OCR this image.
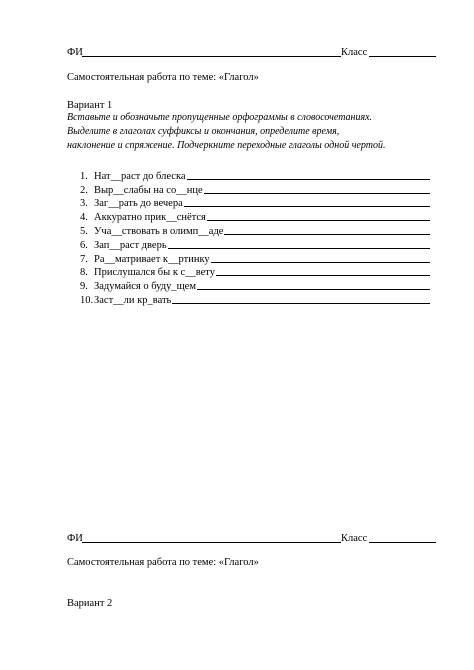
ФИ	Класс
Самостоятельная работа по теме: «Глагол»
Вариант 1
Вставьте и обозначьте пропущенные орфограммы в словосочетаниях.
Выделите в глаголах суффиксы и окончания, определите время,
наклонение и спряжение. Подчеркните переходные глаголы одной чертой.
1. Нат__раст до блеска
2. Выр__слабы на со__нце
3. Заг__рать до вечера
4. Аккуратно прик__снётся
5. Уча__ствовать в олимп__аде
6. Зап__раст дверь
7. Ра__матривает к__ртинку
8. Прислушался бы к с__вету
9. Задумайся о буду_щем
10. Заст__ли кр_вать
ФИ	Класс
Самостоятельная работа по теме: «Глагол»
Вариант 2
